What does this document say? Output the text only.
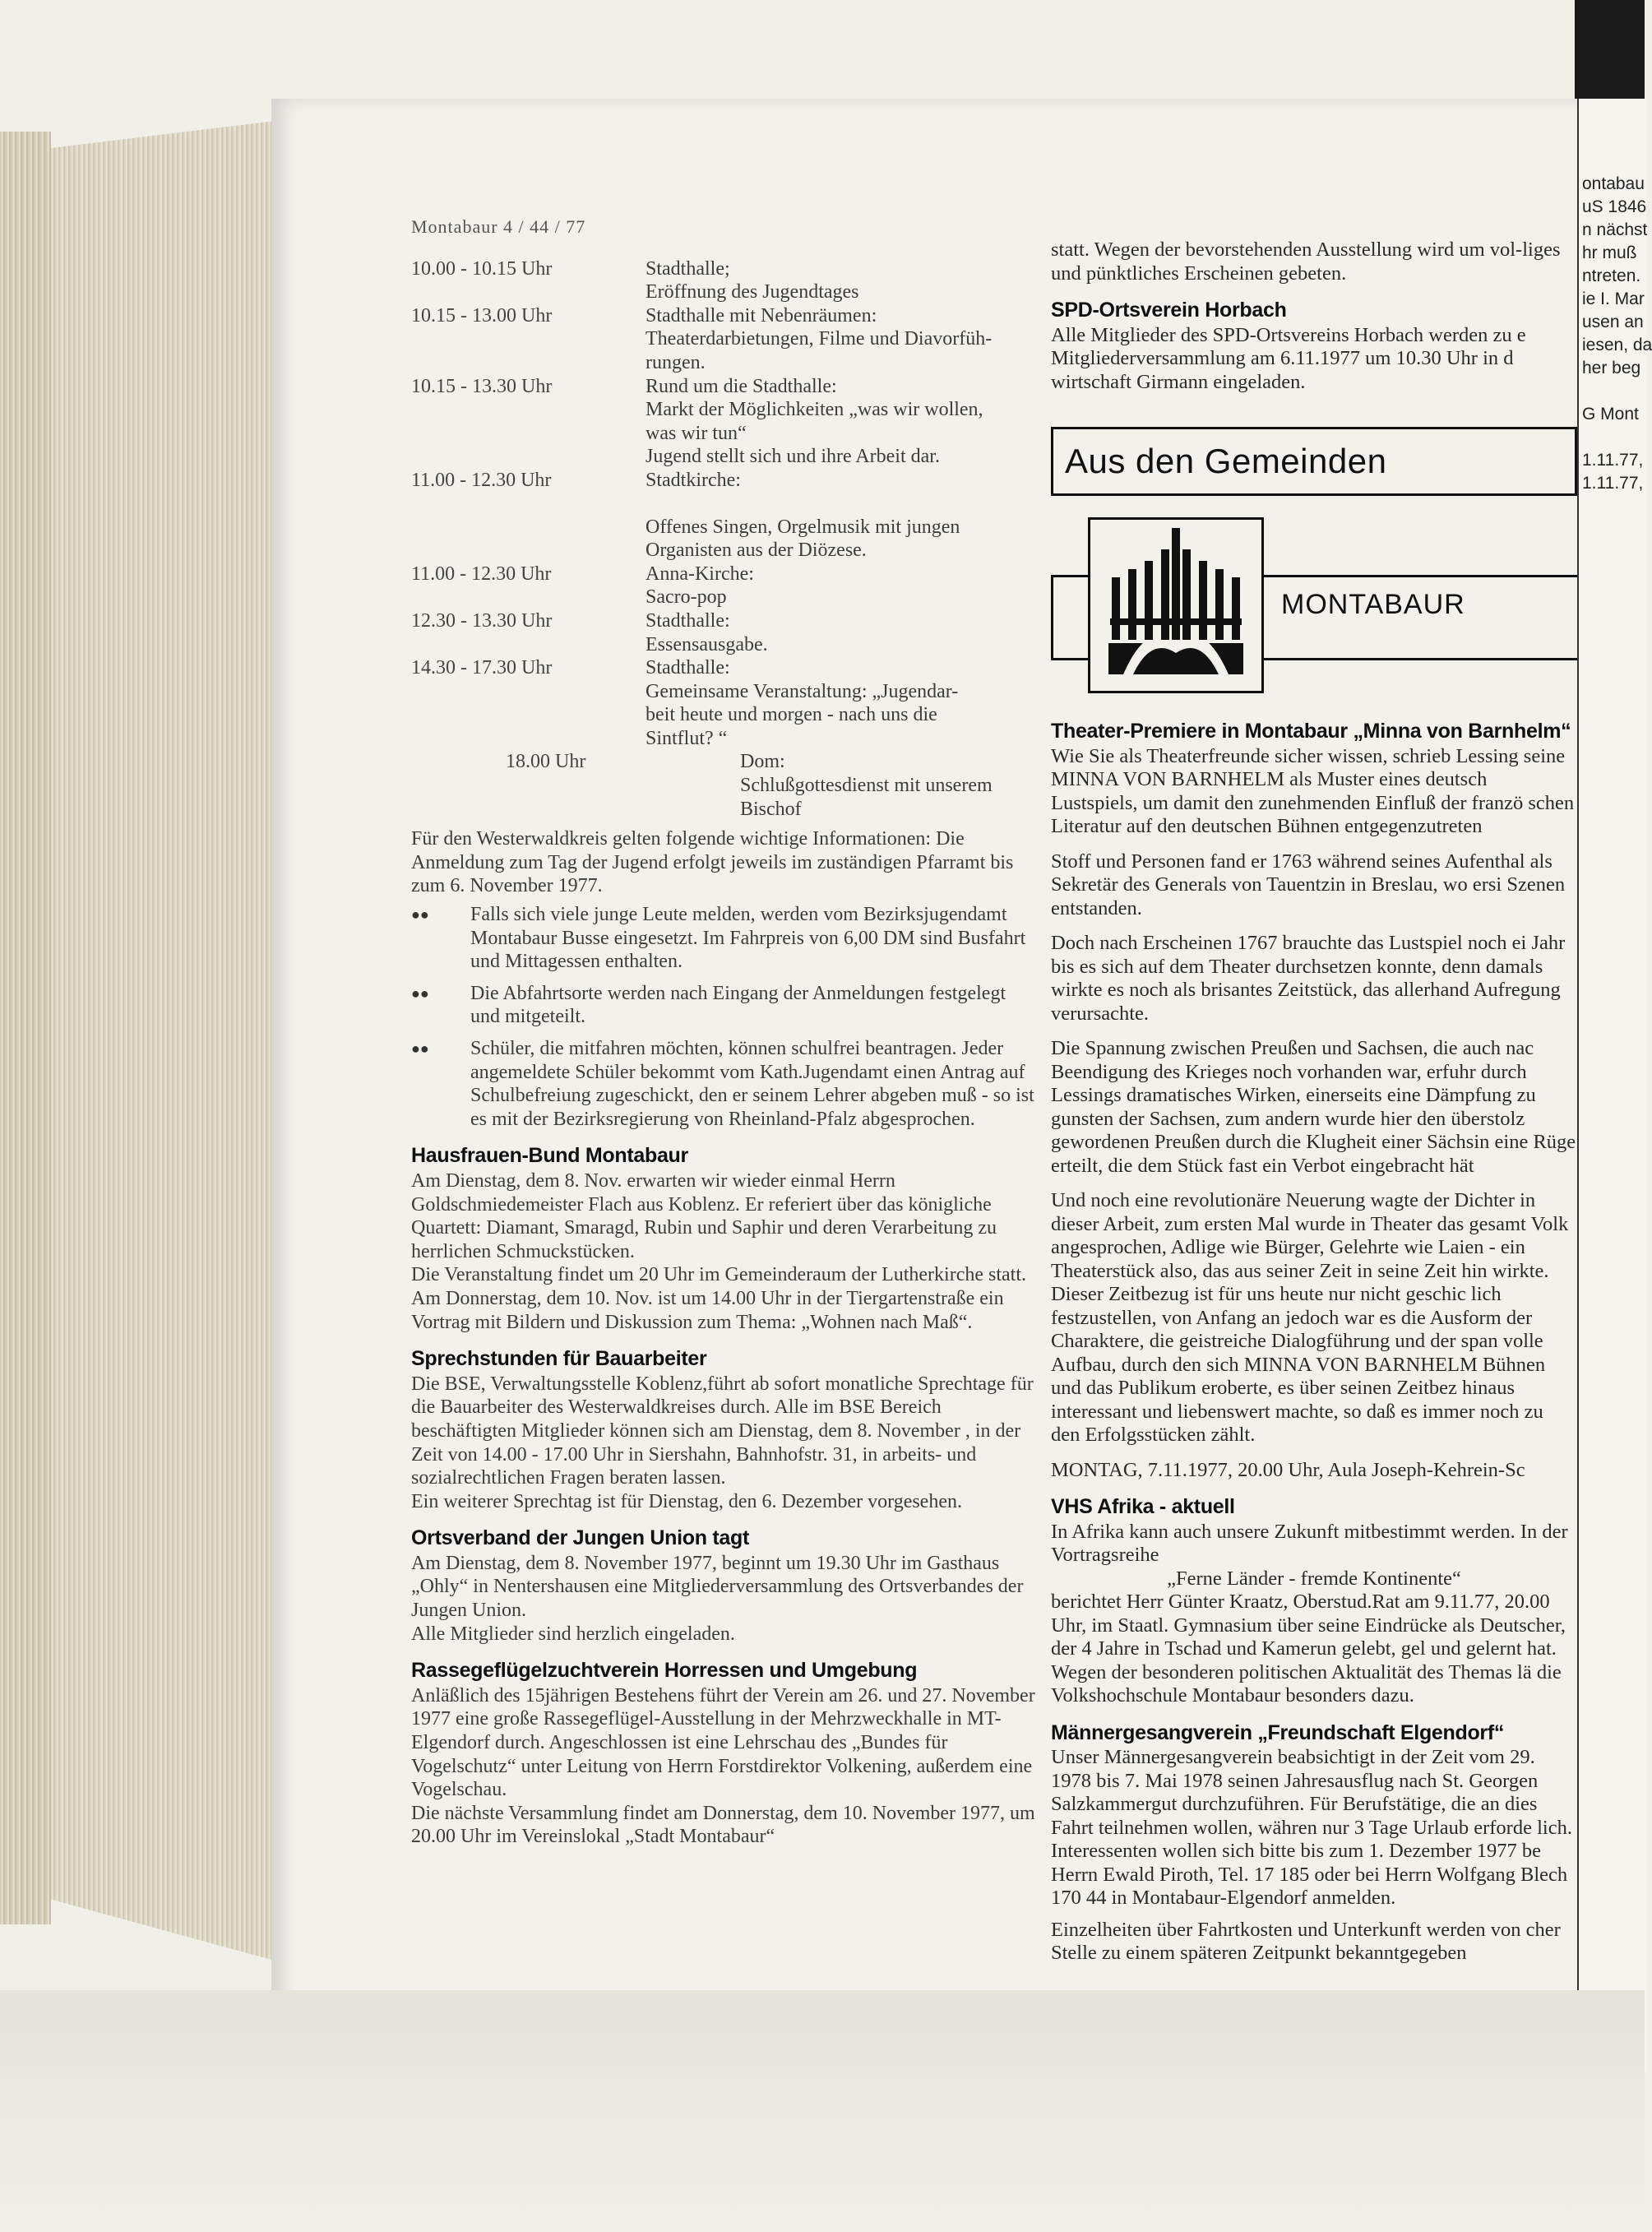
ontabau
uS 1846
n nächst
hr muß
ntreten.
ie I. Mar
usen an
iesen, da
her beg
G Mont
1.11.77,
1.11.77,
Montabaur 4 / 44 / 77
10.00 - 10.15 Uhr	Stadthalle;
Eröffnung des Jugendtages
10.15 - 13.00 Uhr	Stadthalle mit Nebenräumen:
Theaterdarbietungen, Filme und Diavorfüh-
rungen.
10.15 - 13.30 Uhr	Rund um die Stadthalle:
Markt der Möglichkeiten „was wir wollen,
was wir tun“
Jugend stellt sich und ihre Arbeit dar.
11.00 - 12.30 Uhr	Stadtkirche:
Offenes Singen, Orgelmusik mit jungen
Organisten aus der Diözese.
11.00 - 12.30 Uhr	Anna-Kirche:
Sacro-pop
12.30 - 13.30 Uhr	Stadthalle:
Essensausgabe.
14.30 - 17.30 Uhr	Stadthalle:
Gemeinsame Veranstaltung: „Jugendar-
beit heute und morgen - nach uns die
Sintflut? “
18.00 Uhr	Dom:
Schlußgottesdienst mit unserem Bischof
Für den Westerwaldkreis gelten folgende wichtige Informationen: Die Anmeldung zum Tag der Jugend erfolgt jeweils im zuständigen Pfarramt bis zum 6. November 1977.
●●	Falls sich viele junge Leute melden, werden vom Bezirksjugendamt Montabaur Busse eingesetzt. Im Fahrpreis von 6,00 DM sind Busfahrt und Mittagessen enthalten.
●●	Die Abfahrtsorte werden nach Eingang der Anmeldungen festgelegt und mitgeteilt.
●●	Schüler, die mitfahren möchten, können schulfrei beantragen. Jeder angemeldete Schüler bekommt vom Kath.Jugendamt einen Antrag auf Schulbefreiung zugeschickt, den er seinem Lehrer abgeben muß - so ist es mit der Bezirksregierung von Rheinland-Pfalz abgesprochen.
Hausfrauen-Bund Montabaur
Am Dienstag, dem 8. Nov. erwarten wir wieder einmal Herrn Goldschmiedemeister Flach aus Koblenz. Er referiert über das königliche Quartett: Diamant, Smaragd, Rubin und Saphir und deren Verarbeitung zu herrlichen Schmuckstücken.
Die Veranstaltung findet um 20 Uhr im Gemeinderaum der Lutherkirche statt.
Am Donnerstag, dem 10. Nov. ist um 14.00 Uhr in der Tiergartenstraße ein Vortrag mit Bildern und Diskussion zum Thema: „Wohnen nach Maß“.
Sprechstunden für Bauarbeiter
Die BSE, Verwaltungsstelle Koblenz,führt ab sofort monatliche Sprechtage für die Bauarbeiter des Westerwaldkreises durch. Alle im BSE Bereich beschäftigten Mitglieder können sich am Dienstag, dem 8. November , in der Zeit von 14.00 - 17.00 Uhr in Siershahn, Bahnhofstr. 31, in arbeits- und sozialrechtlichen Fragen beraten lassen.
Ein weiterer Sprechtag ist für Dienstag, den 6. Dezember vorgesehen.
Ortsverband der Jungen Union tagt
Am Dienstag, dem 8. November 1977, beginnt um 19.30 Uhr im Gasthaus „Ohly“ in Nentershausen eine Mitgliederversammlung des Ortsverbandes der Jungen Union.
Alle Mitglieder sind herzlich eingeladen.
Rassegeflügelzuchtverein Horressen und Umgebung
Anläßlich des 15jährigen Bestehens führt der Verein am 26. und 27. November 1977 eine große Rassegeflügel-Ausstellung in der Mehrzweckhalle in MT-Elgendorf durch. Angeschlossen ist eine Lehrschau des „Bundes für Vogelschutz“ unter Leitung von Herrn Forstdirektor Volkening, außerdem eine Vogelschau.
Die nächste Versammlung findet am Donnerstag, dem 10. November 1977, um 20.00 Uhr im Vereinslokal „Stadt Montabaur“
statt. Wegen der bevorstehenden Ausstellung wird um vol-liges und pünktliches Erscheinen gebeten.
SPD-Ortsverein Horbach
Alle Mitglieder des SPD-Ortsvereins Horbach werden zu e Mitgliederversammlung am 6.11.1977 um 10.30 Uhr in d wirtschaft Girmann eingeladen.
Aus den Gemeinden
MONTABAUR
Theater-Premiere in Montabaur „Minna von Barnhelm“
Wie Sie als Theaterfreunde sicher wissen, schrieb Lessing seine MINNA VON BARNHELM als Muster eines deutsch Lustspiels, um damit den zunehmenden Einfluß der franzö schen Literatur auf den deutschen Bühnen entgegenzutreten
Stoff und Personen fand er 1763 während seines Aufenthal als Sekretär des Generals von Tauentzin in Breslau, wo ersi Szenen entstanden.
Doch nach Erscheinen 1767 brauchte das Lustspiel noch ei Jahr bis es sich auf dem Theater durchsetzen konnte, denn damals wirkte es noch als brisantes Zeitstück, das allerhand Aufregung verursachte.
Die Spannung zwischen Preußen und Sachsen, die auch nac Beendigung des Krieges noch vorhanden war, erfuhr durch Lessings dramatisches Wirken, einerseits eine Dämpfung zu gunsten der Sachsen, zum andern wurde hier den überstolz gewordenen Preußen durch die Klugheit einer Sächsin eine Rüge erteilt, die dem Stück fast ein Verbot eingebracht hät
Und noch eine revolutionäre Neuerung wagte der Dichter in dieser Arbeit, zum ersten Mal wurde in Theater das gesamt Volk angesprochen, Adlige wie Bürger, Gelehrte wie Laien - ein Theaterstück also, das aus seiner Zeit in seine Zeit hin wirkte. Dieser Zeitbezug ist für uns heute nur nicht geschic lich festzustellen, von Anfang an jedoch war es die Ausform der Charaktere, die geistreiche Dialogführung und der span volle Aufbau, durch den sich MINNA VON BARNHELM Bühnen und das Publikum eroberte, es über seinen Zeitbez hinaus interessant und liebenswert machte, so daß es immer noch zu den Erfolgsstücken zählt.
MONTAG, 7.11.1977, 20.00 Uhr, Aula Joseph-Kehrein-Sc
VHS Afrika - aktuell
In Afrika kann auch unsere Zukunft mitbestimmt werden. In der Vortragsreihe
„Ferne Länder - fremde Kontinente“
berichtet Herr Günter Kraatz, Oberstud.Rat am 9.11.77, 20.00 Uhr, im Staatl. Gymnasium über seine Eindrücke als Deutscher, der 4 Jahre in Tschad und Kamerun gelebt, gel und gelernt hat.
Wegen der besonderen politischen Aktualität des Themas lä die Volkshochschule Montabaur besonders dazu.
Männergesangverein „Freundschaft Elgendorf“
Unser Männergesangverein beabsichtigt in der Zeit vom 29. 1978 bis 7. Mai 1978 seinen Jahresausflug nach St. Georgen Salzkammergut durchzuführen. Für Berufstätige, die an dies Fahrt teilnehmen wollen, währen nur 3 Tage Urlaub erforde lich.
Interessenten wollen sich bitte bis zum 1. Dezember 1977 be Herrn Ewald Piroth, Tel. 17 185 oder bei Herrn Wolfgang Blech 170 44 in Montabaur-Elgendorf anmelden.
Einzelheiten über Fahrtkosten und Unterkunft werden von cher Stelle zu einem späteren Zeitpunkt bekanntgegeben
